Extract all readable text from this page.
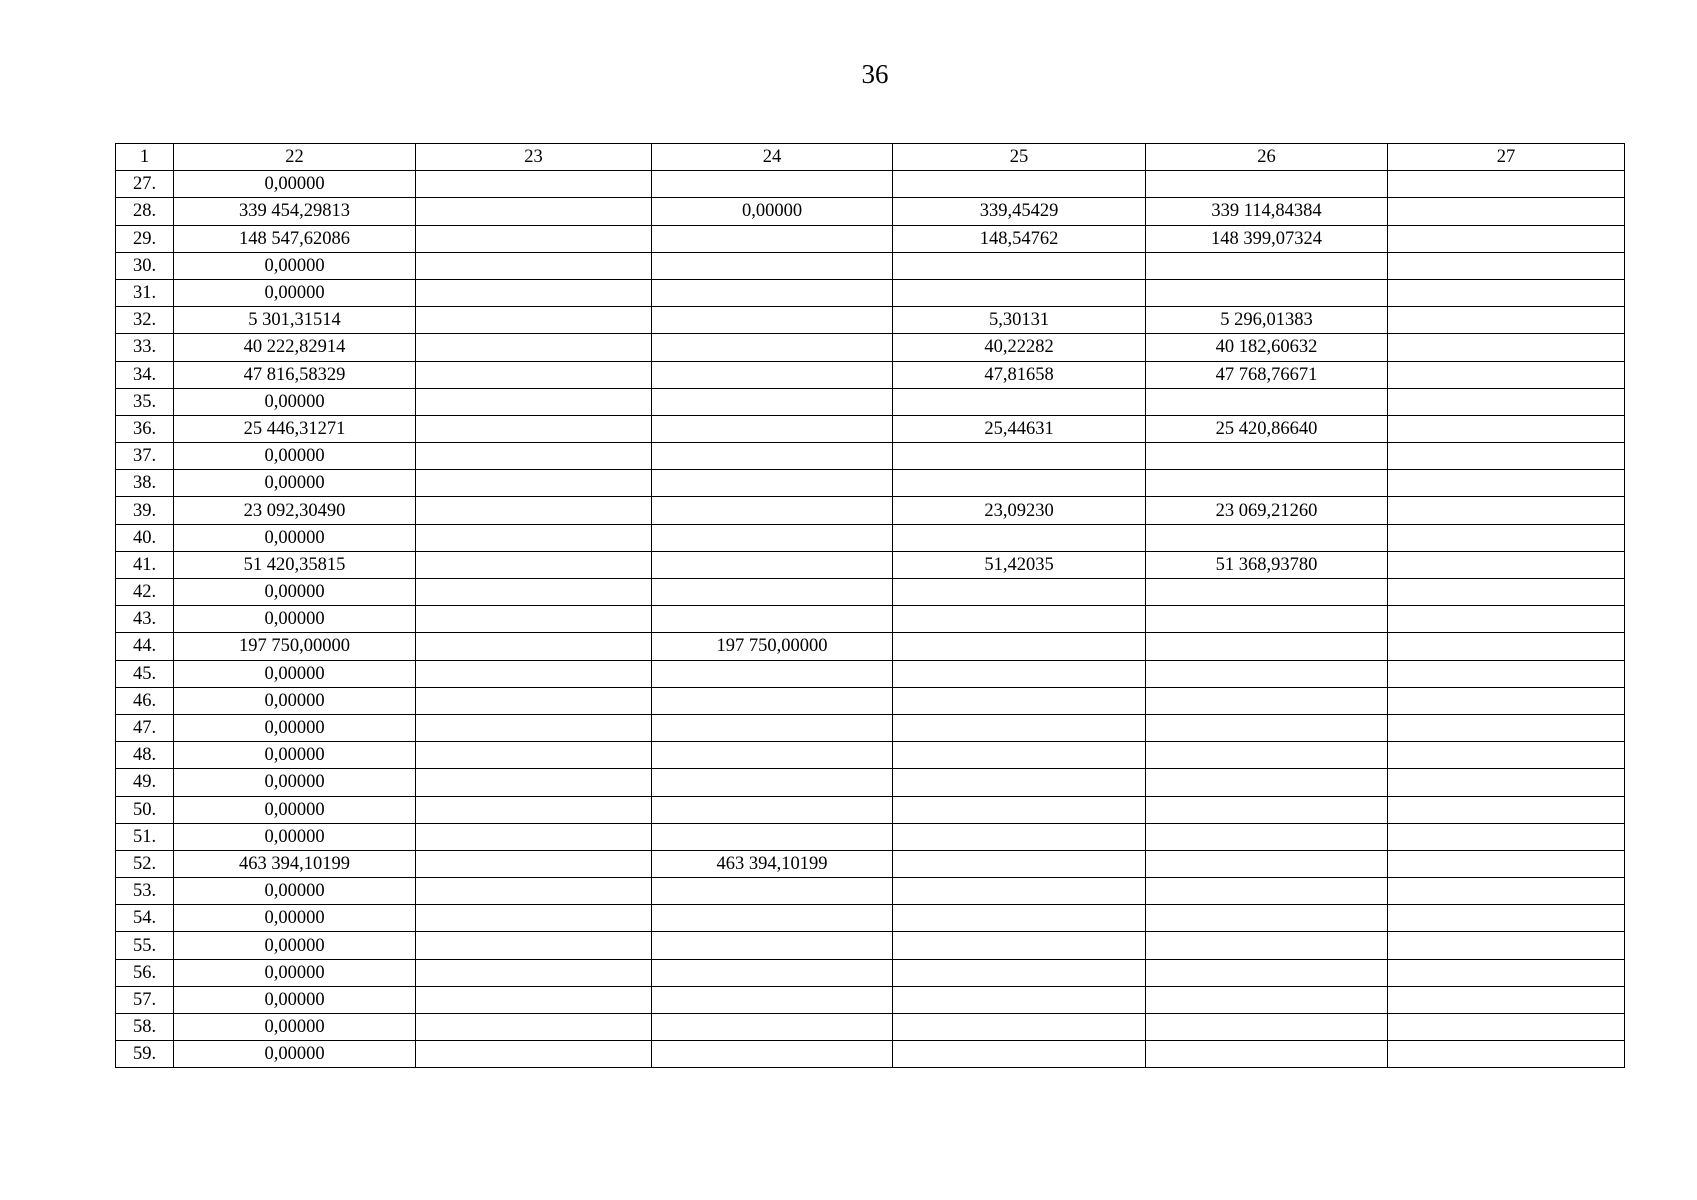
36
1	22	23	24	25	26	27
27.	0,00000					
28.	339 454,29813		0,00000	339,45429	339 114,84384	
29.	148 547,62086			148,54762	148 399,07324	
30.	0,00000					
31.	0,00000					
32.	5 301,31514			5,30131	5 296,01383	
33.	40 222,82914			40,22282	40 182,60632	
34.	47 816,58329			47,81658	47 768,76671	
35.	0,00000					
36.	25 446,31271			25,44631	25 420,86640	
37.	0,00000					
38.	0,00000					
39.	23 092,30490			23,09230	23 069,21260	
40.	0,00000					
41.	51 420,35815			51,42035	51 368,93780	
42.	0,00000					
43.	0,00000					
44.	197 750,00000		197 750,00000			
45.	0,00000					
46.	0,00000					
47.	0,00000					
48.	0,00000					
49.	0,00000					
50.	0,00000					
51.	0,00000					
52.	463 394,10199		463 394,10199			
53.	0,00000					
54.	0,00000					
55.	0,00000					
56.	0,00000					
57.	0,00000					
58.	0,00000					
59.	0,00000					
